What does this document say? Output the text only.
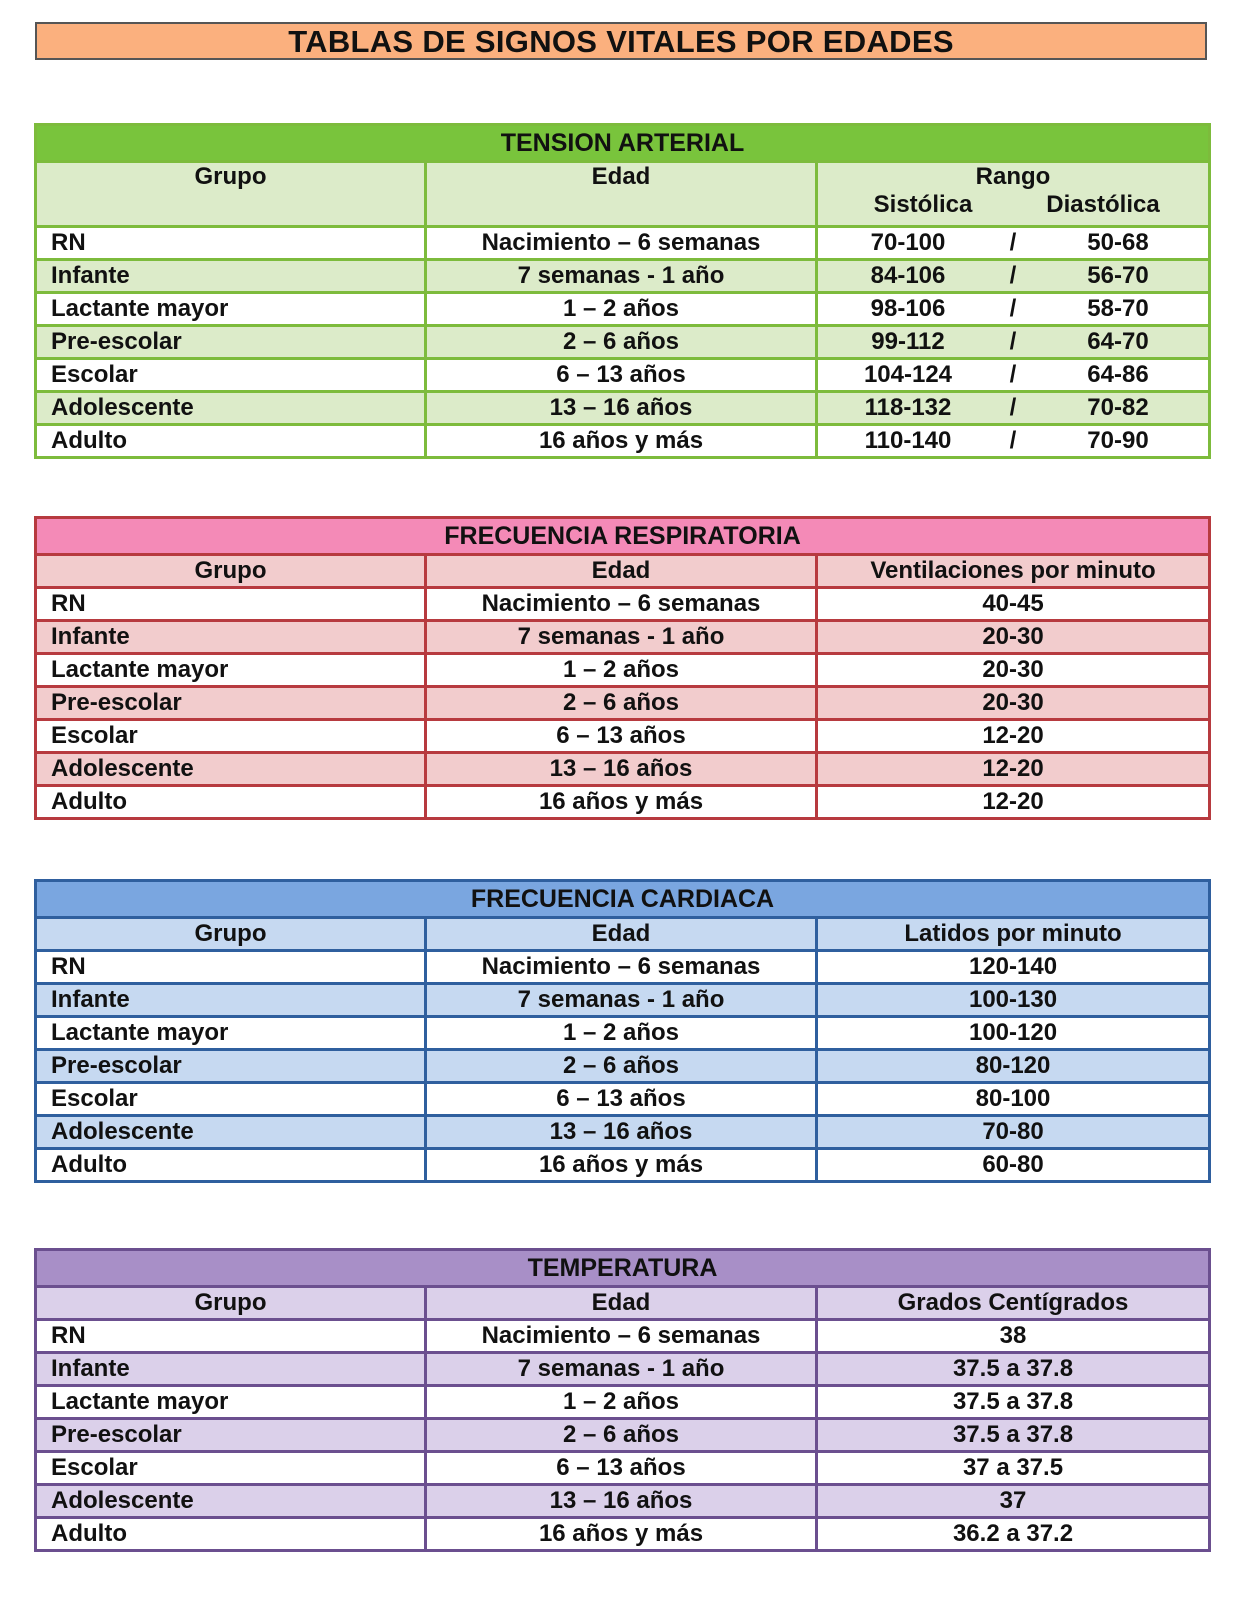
TABLAS DE SIGNOS VITALES POR EDADES
TENSION ARTERIAL		
Grupo	Edad	Rango
Sistólica Diastólica

RN	Nacimiento – 6 semanas	70-100 / 50-68

Infante	7 semanas - 1 año	84-106 / 56-70

Lactante mayor	1 – 2 años	98-106 / 58-70

Pre-escolar	2 – 6 años	99-112 / 64-70

Escolar	6 – 13 años	104-124 / 64-86

Adolescente	13 – 16 años	118-132 / 70-82

Adulto	16 años y más	110-140 / 70-90
FRECUENCIA RESPIRATORIA		
Grupo	Edad	Ventilaciones por minuto
RN	Nacimiento – 6 semanas	40-45
Infante	7 semanas - 1 año	20-30
Lactante mayor	1 – 2 años	20-30
Pre-escolar	2 – 6 años	20-30
Escolar	6 – 13 años	12-20
Adolescente	13 – 16 años	12-20
Adulto	16 años y más	12-20
FRECUENCIA CARDIACA		
Grupo	Edad	Latidos por minuto
RN	Nacimiento – 6 semanas	120-140
Infante	7 semanas - 1 año	100-130
Lactante mayor	1 – 2 años	100-120
Pre-escolar	2 – 6 años	80-120
Escolar	6 – 13 años	80-100
Adolescente	13 – 16 años	70-80
Adulto	16 años y más	60-80
TEMPERATURA		
Grupo	Edad	Grados Centígrados
RN	Nacimiento – 6 semanas	38
Infante	7 semanas - 1 año	37.5 a 37.8
Lactante mayor	1 – 2 años	37.5 a 37.8
Pre-escolar	2 – 6 años	37.5 a 37.8
Escolar	6 – 13 años	37 a 37.5
Adolescente	13 – 16 años	37
Adulto	16 años y más	36.2 a 37.2
